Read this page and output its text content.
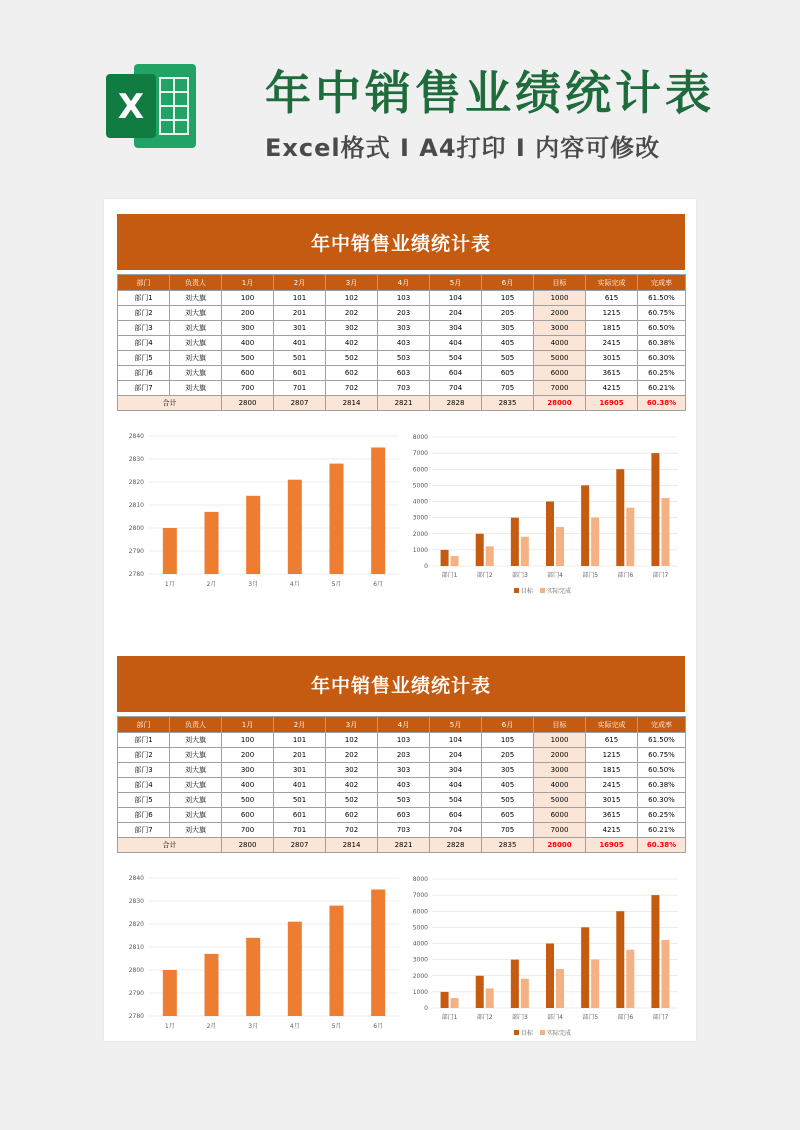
X	年中销售业绩统计表
Excel格式 I A4打印 I 内容可修改
年中销售业绩统计表
部门	负责人	1月	2月	3月	4月	5月	6月	目标	实际完成	完成率
部门1	刘大旗	100	101	102	103	104	105	1000	615	61.50%
部门2	刘大旗	200	201	202	203	204	205	2000	1215	60.75%
部门3	刘大旗	300	301	302	303	304	305	3000	1815	60.50%
部门4	刘大旗	400	401	402	403	404	405	4000	2415	60.38%
部门5	刘大旗	500	501	502	503	504	505	5000	3015	60.30%
部门6	刘大旗	600	601	602	603	604	605	6000	3615	60.25%
部门7	刘大旗	700	701	702	703	704	705	7000	4215	60.21%
合计		2800	2807	2814	2821	2828	2835	28000	16905	60.38%
2780
2790
2800
2810
2820
2830
2840
1月	2月	3月	4月	5月	6月
0
1000
2000
3000
4000
5000
6000
7000
8000
部门1	部门2	部门3	部门4	部门5	部门6	部门7
目标 实际完成
年中销售业绩统计表
部门	负责人	1月	2月	3月	4月	5月	6月	目标	实际完成	完成率
部门1	刘大旗	100	101	102	103	104	105	1000	615	61.50%
部门2	刘大旗	200	201	202	203	204	205	2000	1215	60.75%
部门3	刘大旗	300	301	302	303	304	305	3000	1815	60.50%
部门4	刘大旗	400	401	402	403	404	405	4000	2415	60.38%
部门5	刘大旗	500	501	502	503	504	505	5000	3015	60.30%
部门6	刘大旗	600	601	602	603	604	605	6000	3615	60.25%
部门7	刘大旗	700	701	702	703	704	705	7000	4215	60.21%
合计		2800	2807	2814	2821	2828	2835	28000	16905	60.38%
2780
2790
2800
2810
2820
2830
2840
1月	2月	3月	4月	5月	6月
0
1000
2000
3000
4000
5000
6000
7000
8000
部门1	部门2	部门3	部门4	部门5	部门6	部门7
目标 实际完成
